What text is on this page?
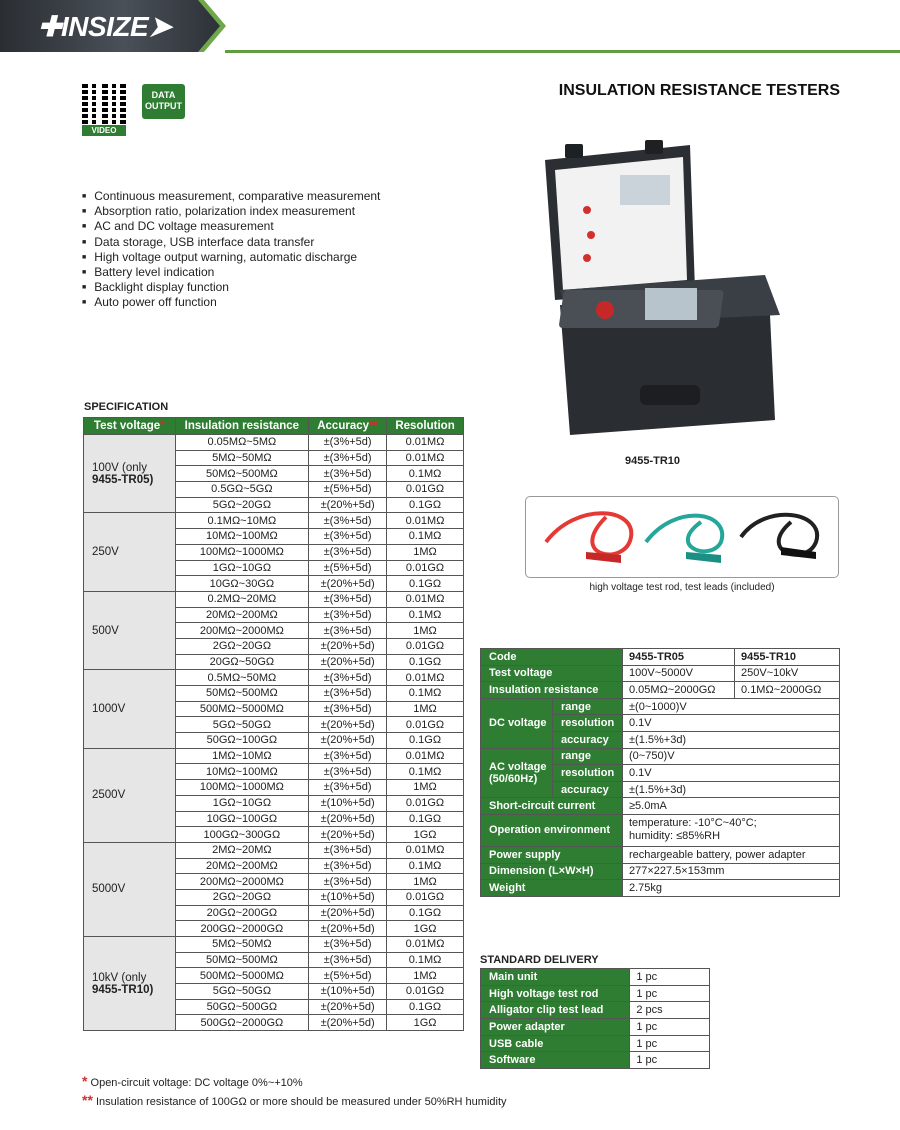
✚INSIZE➤
VIDEO
DATA OUTPUT
INSULATION RESISTANCE TESTERS
■ Continuous measurement, comparative measurement
■ Absorption ratio, polarization index measurement
■ AC and DC voltage measurement
■ Data storage, USB interface data transfer
■ High voltage output warning, automatic discharge
■ Battery level indication
■ Backlight display function
■ Auto power off function
9455-TR10
high voltage test rod, test leads (included)
SPECIFICATION
Test voltage*	Insulation resistance	Accuracy**	Resolution
100V (only
9455-TR05)	0.05MΩ~5MΩ	±(3%+5d)	0.01MΩ
	5MΩ~50MΩ	±(3%+5d)	0.01MΩ
	50MΩ~500MΩ	±(3%+5d)	0.1MΩ
	0.5GΩ~5GΩ	±(5%+5d)	0.01GΩ
	5GΩ~20GΩ	±(20%+5d)	0.1GΩ
250V	0.1MΩ~10MΩ	±(3%+5d)	0.01MΩ
	10MΩ~100MΩ	±(3%+5d)	0.1MΩ
	100MΩ~1000MΩ	±(3%+5d)	1MΩ
	1GΩ~10GΩ	±(5%+5d)	0.01GΩ
	10GΩ~30GΩ	±(20%+5d)	0.1GΩ
500V	0.2MΩ~20MΩ	±(3%+5d)	0.01MΩ
	20MΩ~200MΩ	±(3%+5d)	0.1MΩ
	200MΩ~2000MΩ	±(3%+5d)	1MΩ
	2GΩ~20GΩ	±(20%+5d)	0.01GΩ
	20GΩ~50GΩ	±(20%+5d)	0.1GΩ
1000V	0.5MΩ~50MΩ	±(3%+5d)	0.01MΩ
	50MΩ~500MΩ	±(3%+5d)	0.1MΩ
	500MΩ~5000MΩ	±(3%+5d)	1MΩ
	5GΩ~50GΩ	±(20%+5d)	0.01GΩ
	50GΩ~100GΩ	±(20%+5d)	0.1GΩ
2500V	1MΩ~10MΩ	±(3%+5d)	0.01MΩ
	10MΩ~100MΩ	±(3%+5d)	0.1MΩ
	100MΩ~1000MΩ	±(3%+5d)	1MΩ
	1GΩ~10GΩ	±(10%+5d)	0.01GΩ
	10GΩ~100GΩ	±(20%+5d)	0.1GΩ
	100GΩ~300GΩ	±(20%+5d)	1GΩ
5000V	2MΩ~20MΩ	±(3%+5d)	0.01MΩ
	20MΩ~200MΩ	±(3%+5d)	0.1MΩ
	200MΩ~2000MΩ	±(3%+5d)	1MΩ
	2GΩ~20GΩ	±(10%+5d)	0.01GΩ
	20GΩ~200GΩ	±(20%+5d)	0.1GΩ
	200GΩ~2000GΩ	±(20%+5d)	1GΩ
10kV (only
9455-TR10)	5MΩ~50MΩ	±(3%+5d)	0.01MΩ
	50MΩ~500MΩ	±(3%+5d)	0.1MΩ
	500MΩ~5000MΩ	±(5%+5d)	1MΩ
	5GΩ~50GΩ	±(10%+5d)	0.01GΩ
	50GΩ~500GΩ	±(20%+5d)	0.1GΩ
	500GΩ~2000GΩ	±(20%+5d)	1GΩ
Code		9455-TR05	9455-TR10
Test voltage		100V~5000V	250V~10kV
Insulation resistance		0.05MΩ~2000GΩ	0.1MΩ~2000GΩ
DC voltage	range	±(0~1000)V	
	resolution	0.1V	
	accuracy	±(1.5%+3d)	
AC voltage
(50/60Hz)	range	(0~750)V	
	resolution	0.1V	
	accuracy	±(1.5%+3d)	
Short-circuit current		≥5.0mA	
Operation environment		temperature: -10°C~40°C;
humidity: ≤85%RH	
Power supply		rechargeable battery, power adapter	
Dimension (L×W×H)		277×227.5×153mm	
Weight		2.75kg	
STANDARD DELIVERY
Main unit	1 pc
High voltage test rod	1 pc
Alligator clip test lead	2 pcs
Power adapter	1 pc
USB cable	1 pc
Software	1 pc
* Open-circuit voltage: DC voltage 0%~+10%
** Insulation resistance of 100GΩ or more should be measured under 50%RH humidity
